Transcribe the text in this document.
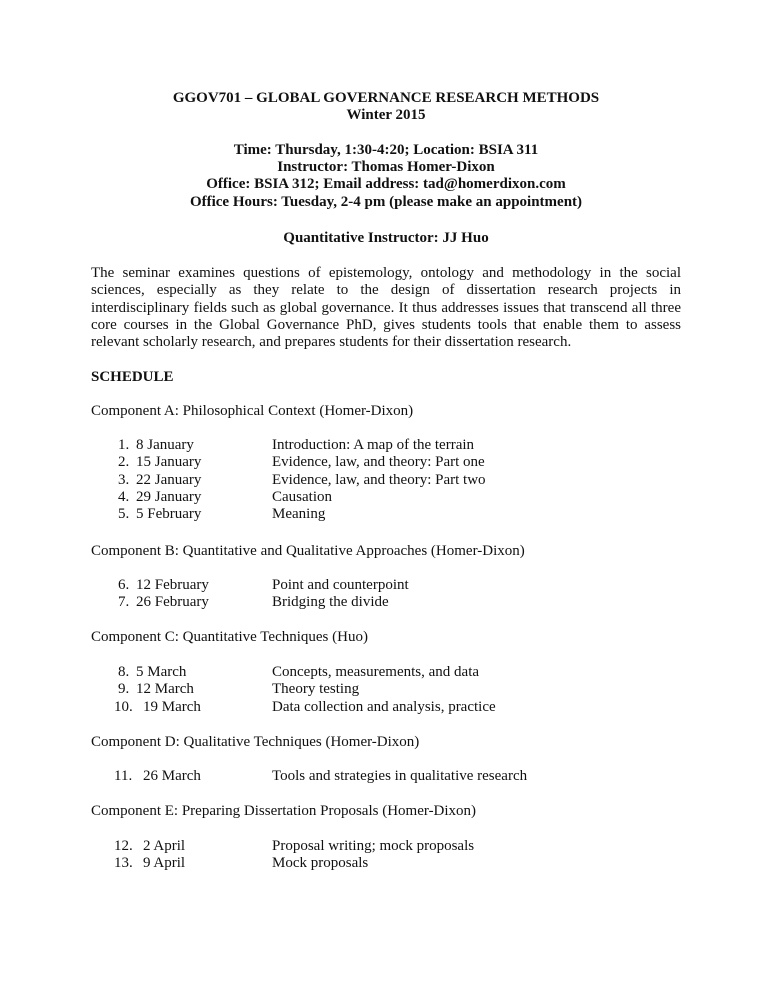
GGOV701 – GLOBAL GOVERNANCE RESEARCH METHODS
Winter 2015
Time: Thursday, 1:30-4:20; Location: BSIA 311
Instructor: Thomas Homer-Dixon
Office: BSIA 312; Email address: tad@homerdixon.com
Office Hours: Tuesday, 2-4 pm (please make an appointment)
Quantitative Instructor: JJ Huo
The seminar examines questions of epistemology, ontology and methodology in the social
sciences, especially as they relate to the design of dissertation research projects in
interdisciplinary fields such as global governance. It thus addresses issues that transcend all three
core courses in the Global Governance PhD, gives students tools that enable them to assess
relevant scholarly research, and prepares students for their dissertation research.
SCHEDULE
Component A: Philosophical Context (Homer-Dixon)
1. 8 January	Introduction: A map of the terrain
2. 15 January	Evidence, law, and theory: Part one
3. 22 January	Evidence, law, and theory: Part two
4. 29 January	Causation
5. 5 February	Meaning
Component B: Quantitative and Qualitative Approaches (Homer-Dixon)
6. 12 February	Point and counterpoint
7. 26 February	Bridging the divide
Component C: Quantitative Techniques (Huo)
8. 5 March	Concepts, measurements, and data
9. 12 March	Theory testing
10. 19 March	Data collection and analysis, practice
Component D: Qualitative Techniques (Homer-Dixon)
11. 26 March	Tools and strategies in qualitative research
Component E: Preparing Dissertation Proposals (Homer-Dixon)
12. 2 April	Proposal writing; mock proposals
13. 9 April	Mock proposals
